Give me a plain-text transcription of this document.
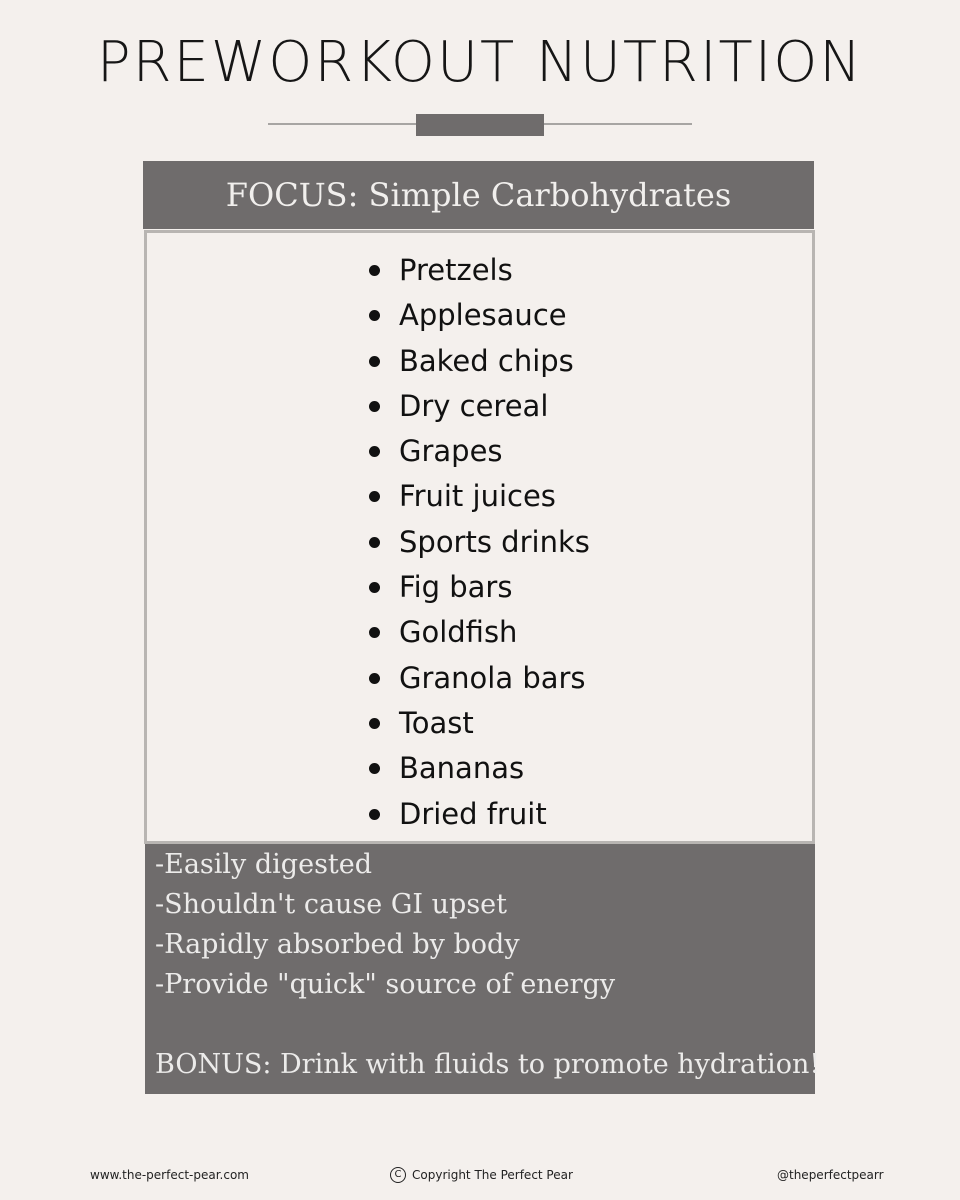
PREWORKOUT NUTRITION
FOCUS: Simple Carbohydrates
Pretzels
Applesauce
Baked chips
Dry cereal
Grapes
Fruit juices
Sports drinks
Fig bars
Goldfish
Granola bars
Toast
Bananas
Dried fruit
-Easily digested
-Shouldn't cause GI upset
-Rapidly absorbed by body
-Provide "quick" source of energy
BONUS: Drink with fluids to promote hydration!
www.the-perfect-pear.com	C Copyright The Perfect Pear	@theperfectpearr
